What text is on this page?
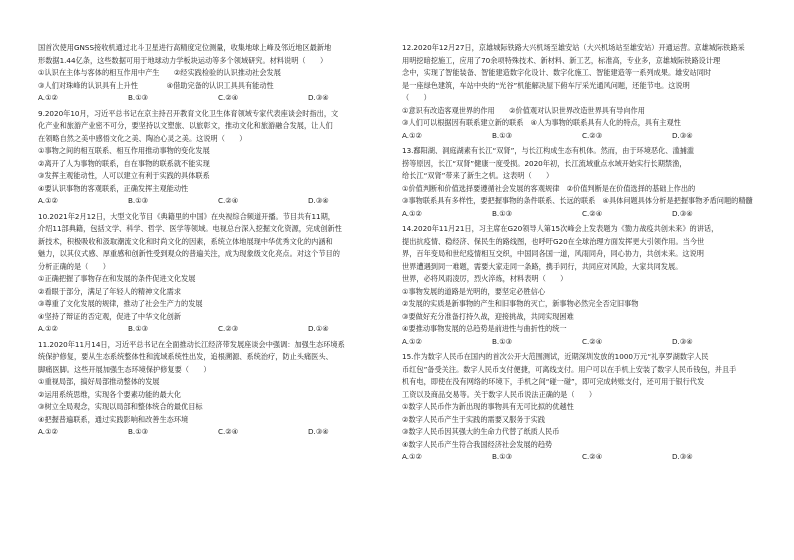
国首次使用GNSS接收机通过北斗卫星进行高精度定位测量，收集地球上峰及邻近地区最新地

形数据1.44亿条，这些数据可用于地球动力学板块运动等多个领域研究。材料说明（　　）

①认识在主体与客体的相互作用中产生　　②经实践检验的认识推动社会发展

③人们对珠峰的认识具有上升性　　　　④借助完备的认识工具具有能动性

A.①②	B.①③	C.②④	D.③④

9.2020年10月，习近平总书记在京主持召开教育文化卫生体育领域专家代表座谈会时指出，文

化产业和旅游产业密不可分，要坚持以文塑旅、以旅彰文，推动文化和旅游融合发展，让人们

在领略自然之美中感悟文化之美、陶冶心灵之美。这说明（　　）

①事物之间的相互联系、相互作用推动事物的变化发展

②离开了人为事物的联系，自在事物的联系就不能实现

③发挥主观能动性，人可以建立有利于实践的具体联系

④要认识事物的客观联系，正确发挥主观能动性

A.①②	B.①③	C.②④	D.③④

10.2021年2月12日，大型文化节目《典籍里的中国》在央视综合频道开播。节目共有11期，

介绍11部典籍，包括文学、科学、哲学、医学等领域。电视总台深入挖掘文化资源，完成创新性

新技术，积极吸收和汲取潮流文化和时尚文化的因素，系统立体地展现中华优秀文化的内涵和

魅力，以其仪式感、厚重感和创新性受到观众的普遍关注，成为现象级文化亮点。对这个节目的

分析正确的是（　　）

①正确把握了事物存在和发展的条件促进文化发展

②看眼于部分，满足了年轻人的精神文化需求

③尊重了文化发展的规律，推动了社会生产力的发展

④坚持了辩证的否定观，促进了中华文化创新

A.①②	B.①③	C.②③	D.①④

11.2020年11月14日，习近平总书记在全面推动长江经济带发展座谈会中强调：加强生态环境系

统保护修复，要从生态系统整体性和流域系统性出发，追根溯源、系统治疗，防止头痛医头、

脚痛医脚。这些开展加强生态环境保护修复要（　　）

①重视局部，搞好局部推动整体的发展

②运用系统思维，实现各个要素功能的最大化

③树立全局观念，实现以局部和整体统合的最优目标

④把握普遍联系，通过实践影响和改善生态环境

A.①②	B.①③	C.②④	D.③④

12.2020年12月27日，京雄城际铁路大兴机场至雄安站（大兴机场站至雄安站）开通运营。京雄城际铁路采

用明挖暗挖施工，应用了70余项特殊技术、新材料、新工艺，标准高，专业多，京雄城际铁路设计理

念中，实现了智能装备、智能建造数字化设计、数字化施工、智能建造等一系列成果。雄安站同时

是一座绿色建筑，车站中央的“光谷”机能解决屋下俯车厅采光通风问题，还能节电。这说明

（　　）

①意识有改造客观世界的作用　　②价值观对认识世界改造世界具有导向作用

③人们可以根据因有联系建立新的联系　④人为事物的联系具有人化的特点，具有主观性

A.①②	B.①③	C.②③	D.③④

13.鄱阳湖、洞庭湖素有长江“双肾”，与长江构成生态有机体。然而，由于环境恶化、滥捕滥

捞等原因，长江“双肾”健康一度受损。2020年初，长江流域重点水域开始实行长期禁渔，

给长江“双肾”带来了新生之机。这表明（　　）

①价值判断和价值选择要遵循社会发展的客观规律　②价值判断是在价值选择的基础上作出的

③事物联系具有多样性，要把握事物的条件联系、长远的联系　④具体问题具体分析是把握事物矛盾问题的精髓

A.①②	B.①③	C.②④	D.③④

14.2020年11月21日，习主席在G20领导人第15次峰会上发表题为《勠力战疫共创未来》的讲话，

提出抗疫情、稳经济、保民生的路线图，也呼吁G20在全球治理方面发挥更大引领作用。当今世

界，百年变局和世纪疫情相互交织，中国同各国一道，风雨同舟，同心协力，共创未来。这说明

世界遭遇到同一难题，需要大家走同一条路，携手同行，共同应对风险，大家共同发展。

世界，必将风雨凌厉，烈火淬炼，材料表明（　　）

①事物发展的道路是光明的，要坚定必胜信心

②发展的实质是新事物的产生和旧事物的灭亡，新事物必然完全否定旧事物

③要做好充分准备打持久战，迎接挑战，共同实现困难

④要推动事物发展的总趋势是前进性与曲折性的统一

A.①②	B.①③	C.②④	D.③④

15.作为数字人民币在国内的首次公开大范围测试，近期深圳发放的1000万元“礼享罗湖数字人民

币红包”备受关注。数字人民币支付便捷，可离线支付。用户可以在手机上安装了数字人民币钱包，并且手

机有电，即使在没有网络的环境下，手机之间“碰一碰”，即可完成转账支付，还可用于银行代发

工资以及商品交易等。关于数字人民币说法正确的是（　　）

①数字人民币作为新出现的事物具有无可比拟的优越性

②数字人民币产生于实践的需要又服务于实践

③数字人民币因其强大的生命力代替了纸质人民币

④数字人民币产生符合我国经济社会发展的趋势

A.①②	B.①③	C.②④	D.③④
